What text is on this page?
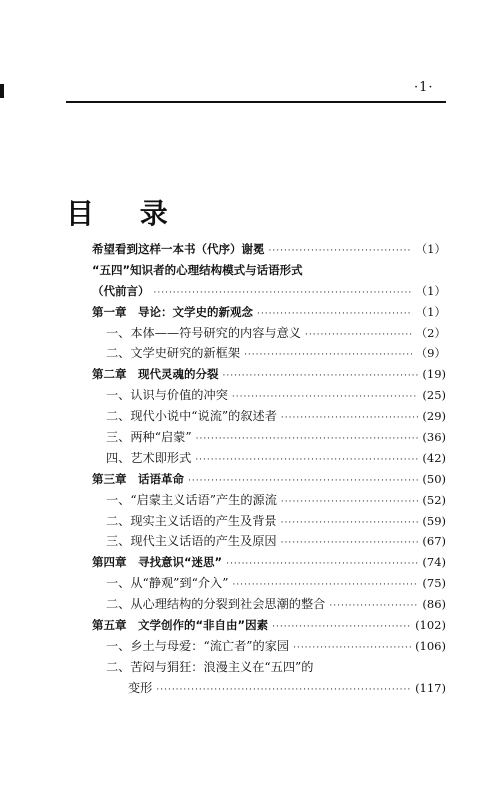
·1·
目 录
希望看到这样一本书（代序）谢冕 ·····	（1）
“五四”知识者的心理结构模式与话语形式
（代前言） ·····	（1）
第一章　导论：文学史的新观念 ·····	（1）
一、本体——符号研究的内容与意义 ·····	（2）
二、文学史研究的新框架 ·····	（9）
第二章　现代灵魂的分裂 ·····	(19)
一、认识与价值的冲突 ·····	(25)
二、现代小说中“说流”的叙述者 ·····	(29)
三、两种“启蒙” ·····	(36)
四、艺术即形式 ·····	(42)
第三章　话语革命 ·····	(50)
一、“启蒙主义话语”产生的源流 ·····	(52)
二、现实主义话语的产生及背景 ·····	(59)
三、现代主义话语的产生及原因 ·····	(67)
第四章　寻找意识“迷思” ·····	(74)
一、从“静观”到“介入” ·····	(75)
二、从心理结构的分裂到社会思潮的整合 ·····	(86)
第五章　文学创作的“非自由”因素 ·····	(102)
一、乡土与母爱：“流亡者”的家园 ·····	(106)
二、苦闷与狷狂：浪漫主义在“五四”的
变形 ·····	(117)
